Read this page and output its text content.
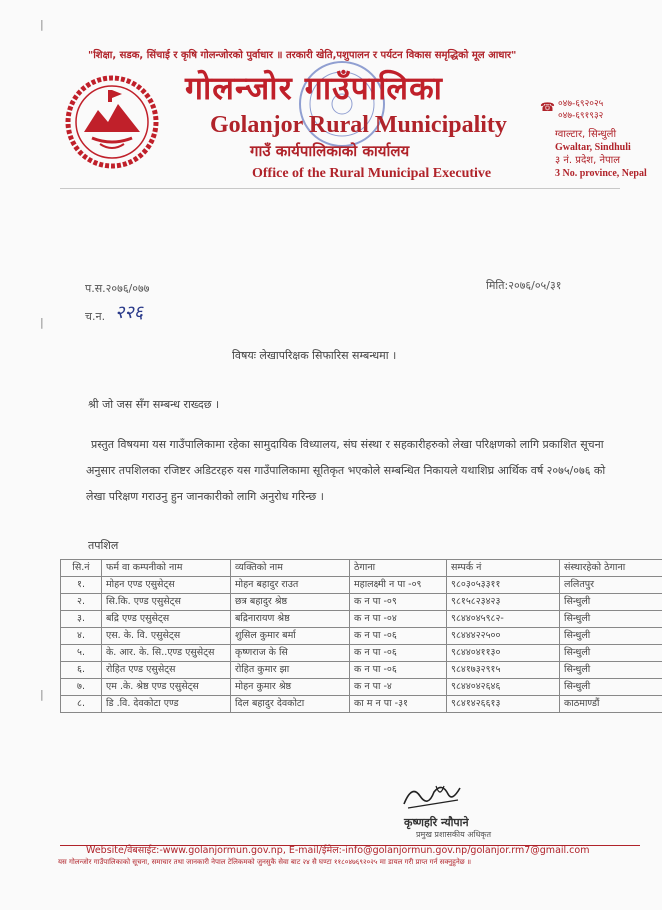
"शिक्षा, सडक, सिंचाई र कृषि गोलन्जोरको पुर्वाधार ॥ तरकारी खेति,पशुपालन र पर्यटन विकास समृद्धिको मूल आधार"
गोलन्जोर गाउँपालिका
Golanjor Rural Municipality
गाउँ कार्यपालिकाको कार्यालय
Office of the Rural Municipal Executive
☎ ०४७-६९२०२५
०४७-६९१९३२
ग्वाल्टार, सिन्धुली
Gwaltar, Sindhuli
३ नं. प्रदेश, नेपाल
3 No. province, Nepal
प.स.२०७६/०७७	मिति:२०७६/०५/३१
च.न. २२६
विषयः लेखापरिक्षक सिफारिस सम्बन्धमा ।
श्री जो जस सँग सम्बन्ध राख्दछ ।
प्रस्तुत विषयमा यस गाउँपालिकामा रहेका सामुदायिक विध्यालय, संघ संस्था र सहकारीहरुको लेखा परिक्षणको लागि प्रकाशित सूचना अनुसार तपशिलका रजिष्टर अडिटरहरु यस गाउँपालिकामा सूतिकृत भएकोले सम्बन्धित निकायले यथाशिघ्र आर्थिक वर्ष २०७५/०७६ को लेखा परिक्षण गराउनु हुन जानकारीको लागि अनुरोध गरिन्छ ।
तपशिल
सि.नं	फर्म वा कम्पनीको नाम	व्यक्तिको नाम	ठेगाना	सम्पर्क नं	संस्थारहेको ठेगाना
१.	मोहन एण्ड एसुसेट्स	मोहन बहादुर राउत	महालक्ष्मी न पा -०९	९८०३०५३३११	ललितपुर
२.	सि.कि. एण्ड एसुसेट्स	छत्र बहादुर श्रेष्ठ	क न पा -०९	९८१५८२३४२३	सिन्धुली
३.	बद्रि एण्ड एसुसेट्स	बद्रिनारायण श्रेष्ठ	क न पा -०४	९८४४०४५९८२-	सिन्धुली
४.	एस. के. वि. एसुसेट्स	शुसिल कुमार बर्मा	क न पा -०६	९८४४४२२५००	सिन्धुली
५.	के. आर. के. सि..एण्ड एसुसेट्स	कृष्णराज के सि	क न पा -०६	९८४४०४११३०	सिन्धुली
६.	रोहित एण्ड एसुसेट्स	रोहित कुमार झा	क न पा -०६	९८४१७३२९१५	सिन्धुली
७.	एम .के. श्रेष्ठ एण्ड एसुसेट्स	मोहन कुमार श्रेष्ठ	क न पा -४	९८४४०४२६४६	सिन्धुली
८.	डि .वि. देवकोटा एण्ड	दिल बहादुर देवकोटा	का म न पा -३१	९८४१४२६६१३	काठमाण्डौं
कृष्णहरि न्यौपाने
प्रमुख प्रशासकीय अधिकृत
Website/वेबसाईट:-www.golanjormun.gov.np, E-mail/ईमेल:-info@golanjormun.gov.np/golanjor.rm7@gmail.com
यस गोलन्जोर गाउँपालिकाको सूचना, समाचार तथा जानकारी नेपाल टेलिकमको जुनसुकै सेवा बाट २४ सै घण्टा ११८०४७६९२०२५ मा डायल गरी प्राप्त गर्न सक्नुहुनेछ ॥
|
|
|
